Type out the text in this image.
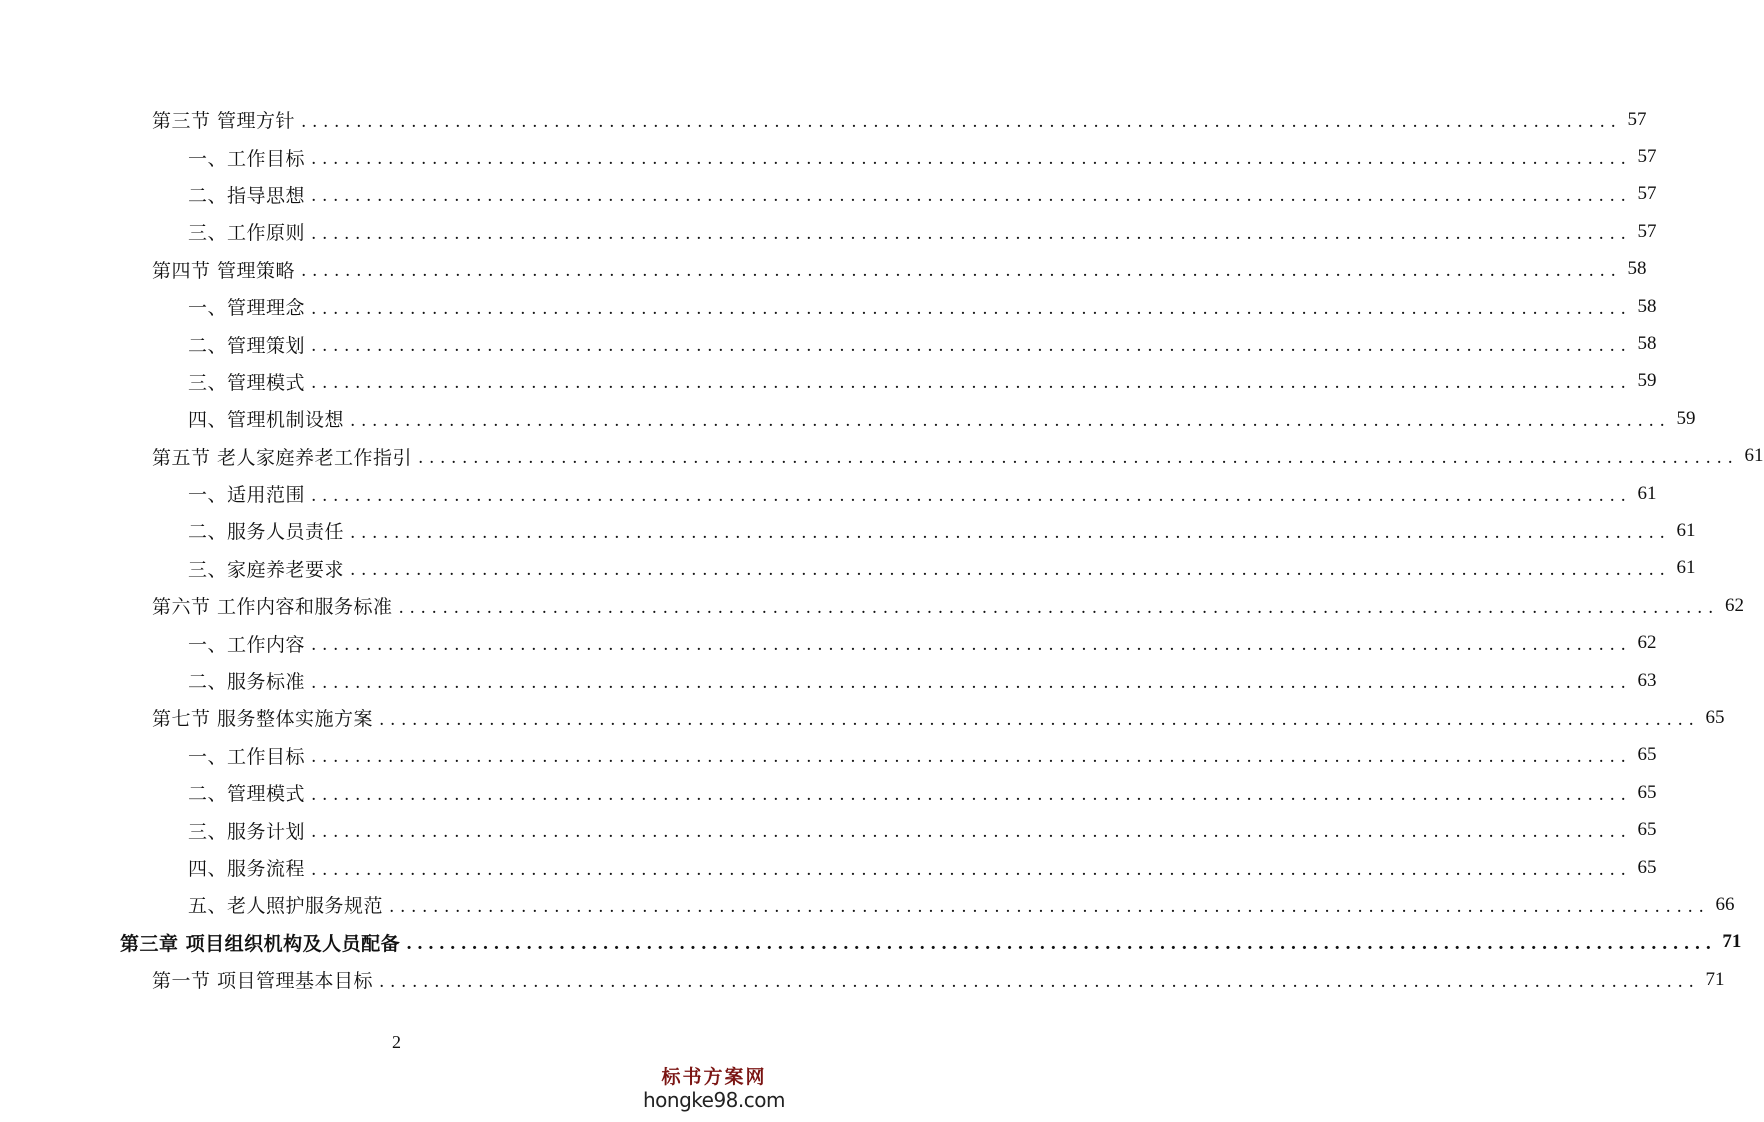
第三节 管理方针 ........................................................................................................................ 57
一、工作目标 ........................................................................................................................ 57
二、指导思想 ........................................................................................................................ 57
三、工作原则 ........................................................................................................................ 57
第四节 管理策略 ........................................................................................................................ 58
一、管理理念 ........................................................................................................................ 58
二、管理策划 ........................................................................................................................ 58
三、管理模式 ........................................................................................................................ 59
四、管理机制设想 ........................................................................................................................ 59
第五节 老人家庭养老工作指引 ........................................................................................................................ 61
一、适用范围 ........................................................................................................................ 61
二、服务人员责任 ........................................................................................................................ 61
三、家庭养老要求 ........................................................................................................................ 61
第六节 工作内容和服务标准 ........................................................................................................................ 62
一、工作内容 ........................................................................................................................ 62
二、服务标准 ........................................................................................................................ 63
第七节 服务整体实施方案 ........................................................................................................................ 65
一、工作目标 ........................................................................................................................ 65
二、管理模式 ........................................................................................................................ 65
三、服务计划 ........................................................................................................................ 65
四、服务流程 ........................................................................................................................ 65
五、老人照护服务规范 ........................................................................................................................ 66
第三章 项目组织机构及人员配备 ........................................................................................................................ 71
第一节 项目管理基本目标 ........................................................................................................................ 71
2
标书方案网
hongke98.com
